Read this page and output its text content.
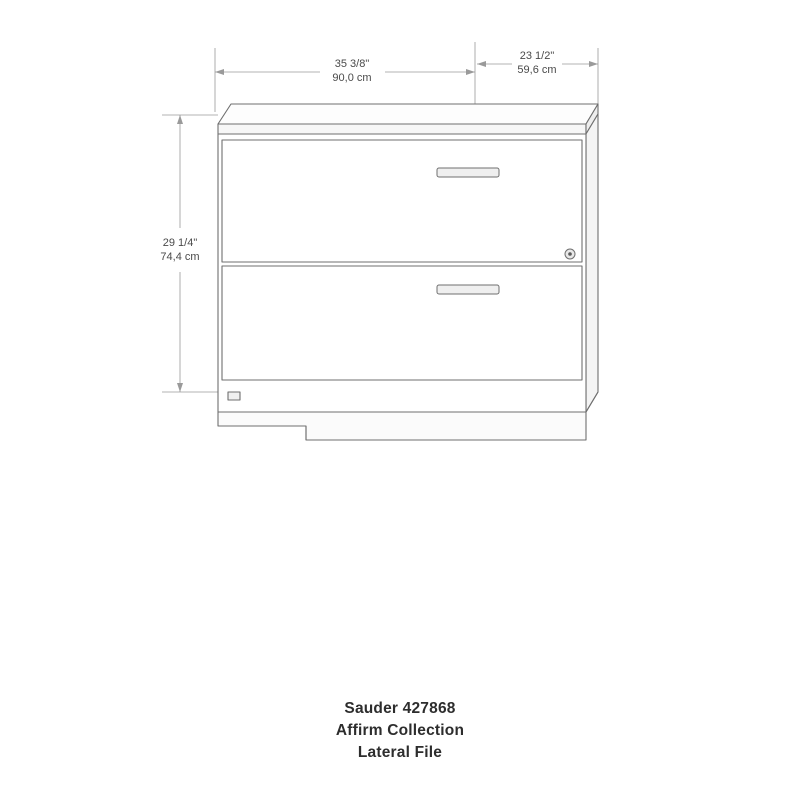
35 3/8"
90,0 cm
23 1/2"
59,6 cm
29 1/4"
74,4 cm
Sauder 427868
Affirm Collection
Lateral File
